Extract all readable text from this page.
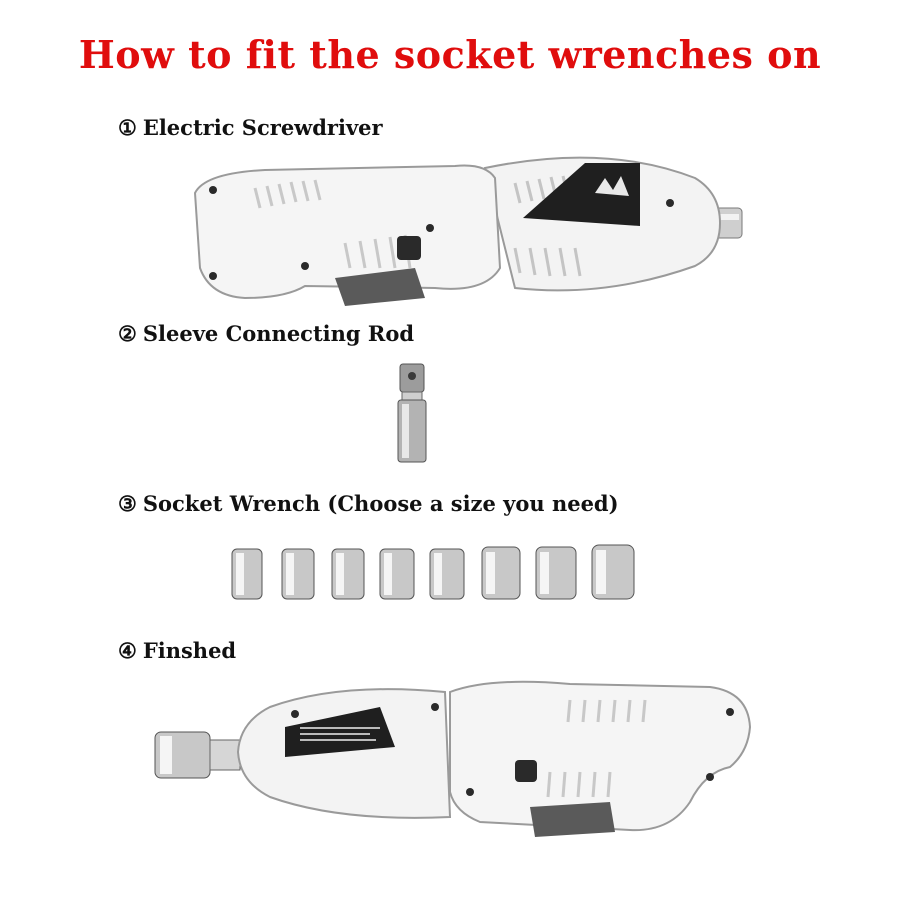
How to fit the socket wrenches on
① Electric Screwdriver
② Sleeve Connecting Rod
③ Socket Wrench (Choose a size you need)
④ Finshed
